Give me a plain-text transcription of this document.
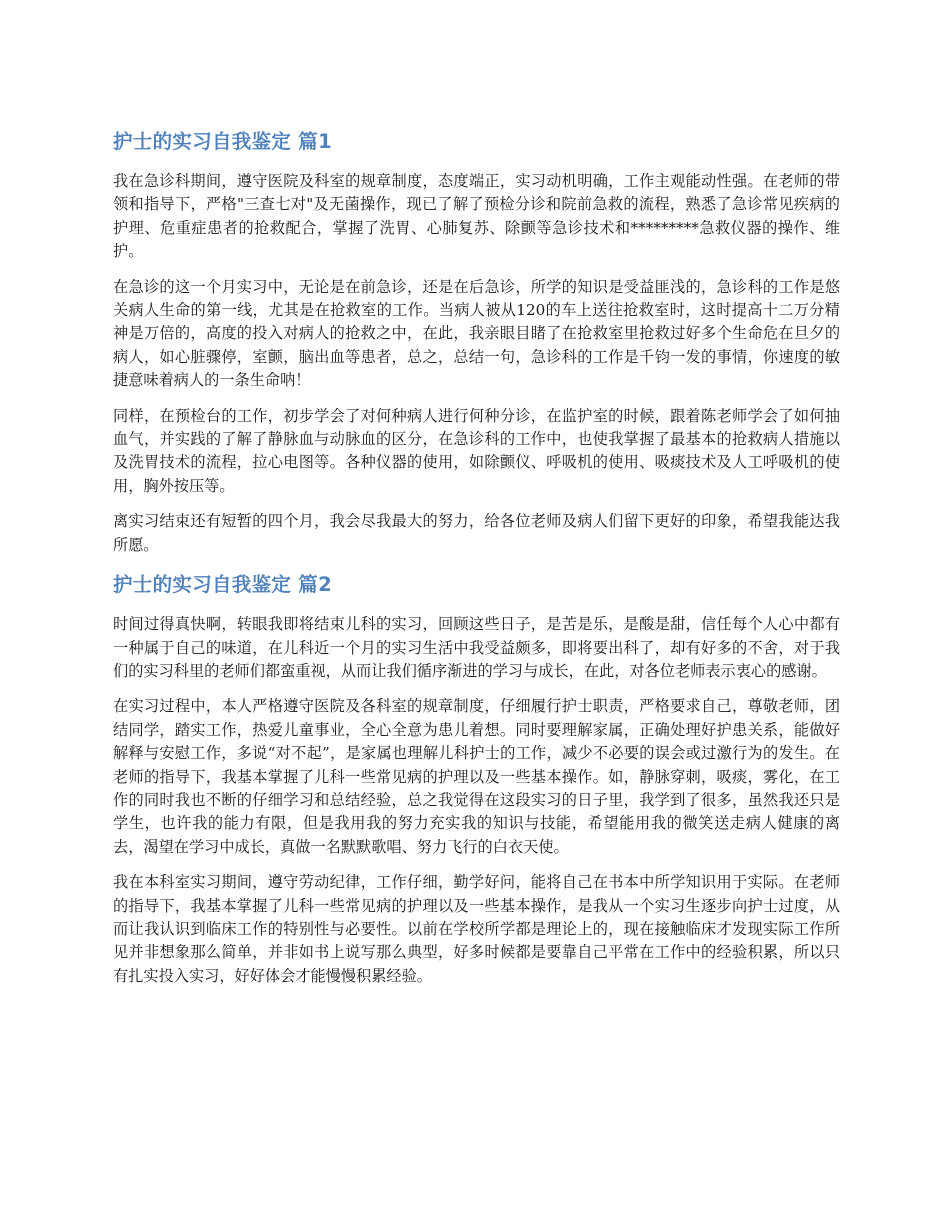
护士的实习自我鉴定 篇1

我在急诊科期间，遵守医院及科室的规章制度，态度端正，实习动机明确，工作主观能动性强。在老师的带领和指导下，严格"三查七对"及无菌操作，现已了解了预检分诊和院前急救的流程，熟悉了急诊常见疾病的护理、危重症患者的抢救配合，掌握了洗胃、心肺复苏、除颤等急诊技术和*********急救仪器的操作、维护。

在急诊的这一个月实习中，无论是在前急诊，还是在后急诊，所学的知识是受益匪浅的，急诊科的工作是悠关病人生命的第一线，尤其是在抢救室的工作。当病人被从120的车上送往抢救室时，这时提高十二万分精神是万倍的，高度的投入对病人的抢救之中，在此，我亲眼目睹了在抢救室里抢救过好多个生命危在旦夕的病人，如心脏骤停，室颤，脑出血等患者，总之，总结一句，急诊科的工作是千钧一发的事情，你速度的敏捷意味着病人的一条生命呐！

同样，在预检台的工作，初步学会了对何种病人进行何种分诊，在监护室的时候，跟着陈老师学会了如何抽血气，并实践的了解了静脉血与动脉血的区分，在急诊科的工作中，也使我掌握了最基本的抢救病人措施以及洗胃技术的流程，拉心电图等。各种仪器的使用，如除颤仪、呼吸机的使用、吸痰技术及人工呼吸机的使用，胸外按压等。

离实习结束还有短暂的四个月，我会尽我最大的努力，给各位老师及病人们留下更好的印象，希望我能达我所愿。

护士的实习自我鉴定 篇2

时间过得真快啊，转眼我即将结束儿科的实习，回顾这些日子，是苦是乐，是酸是甜，信任每个人心中都有一种属于自己的味道，在儿科近一个月的实习生活中我受益颇多，即将要出科了，却有好多的不舍，对于我们的实习科里的老师们都蛮重视，从而让我们循序渐进的学习与成长，在此，对各位老师表示衷心的感谢。

在实习过程中，本人严格遵守医院及各科室的规章制度，仔细履行护士职责，严格要求自己，尊敬老师，团结同学，踏实工作，热爱儿童事业，全心全意为患儿着想。同时要理解家属，正确处理好护患关系，能做好解释与安慰工作，多说“对不起”，是家属也理解儿科护士的工作，减少不必要的误会或过激行为的发生。在老师的指导下，我基本掌握了儿科一些常见病的护理以及一些基本操作。如，静脉穿刺，吸痰，雾化，在工作的同时我也不断的仔细学习和总结经验，总之我觉得在这段实习的日子里，我学到了很多，虽然我还只是学生，也许我的能力有限，但是我用我的努力充实我的知识与技能，希望能用我的微笑送走病人健康的离去，渴望在学习中成长，真做一名默默歌唱、努力飞行的白衣天使。

我在本科室实习期间，遵守劳动纪律，工作仔细，勤学好问，能将自己在书本中所学知识用于实际。在老师的指导下，我基本掌握了儿科一些常见病的护理以及一些基本操作，是我从一个实习生逐步向护士过度，从而让我认识到临床工作的特别性与必要性。以前在学校所学都是理论上的，现在接触临床才发现实际工作所见并非想象那么简单，并非如书上说写那么典型，好多时候都是要靠自己平常在工作中的经验积累，所以只有扎实投入实习，好好体会才能慢慢积累经验。
